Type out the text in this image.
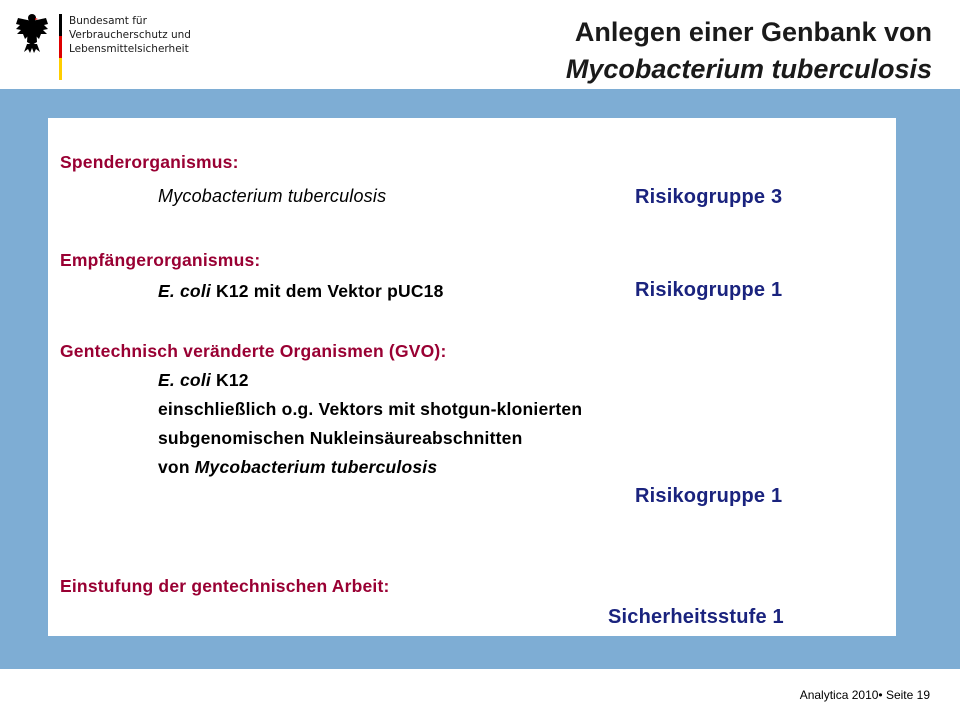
Bundesamt für
Verbraucherschutz und
Lebensmittelsicherheit
Anlegen einer Genbank von
Mycobacterium tuberculosis
Spenderorganismus:
Mycobacterium tuberculosis	Risikogruppe 3
Empfängerorganismus:
E. coli K12 mit dem Vektor pUC18	Risikogruppe 1
Gentechnisch veränderte Organismen (GVO):
E. coli K12
einschließlich o.g. Vektors mit shotgun-klonierten
subgenomischen Nukleinsäureabschnitten
von Mycobacterium tuberculosis
Risikogruppe 1
Einstufung der gentechnischen Arbeit:
Sicherheitsstufe 1
Analytica 2010• Seite 19
